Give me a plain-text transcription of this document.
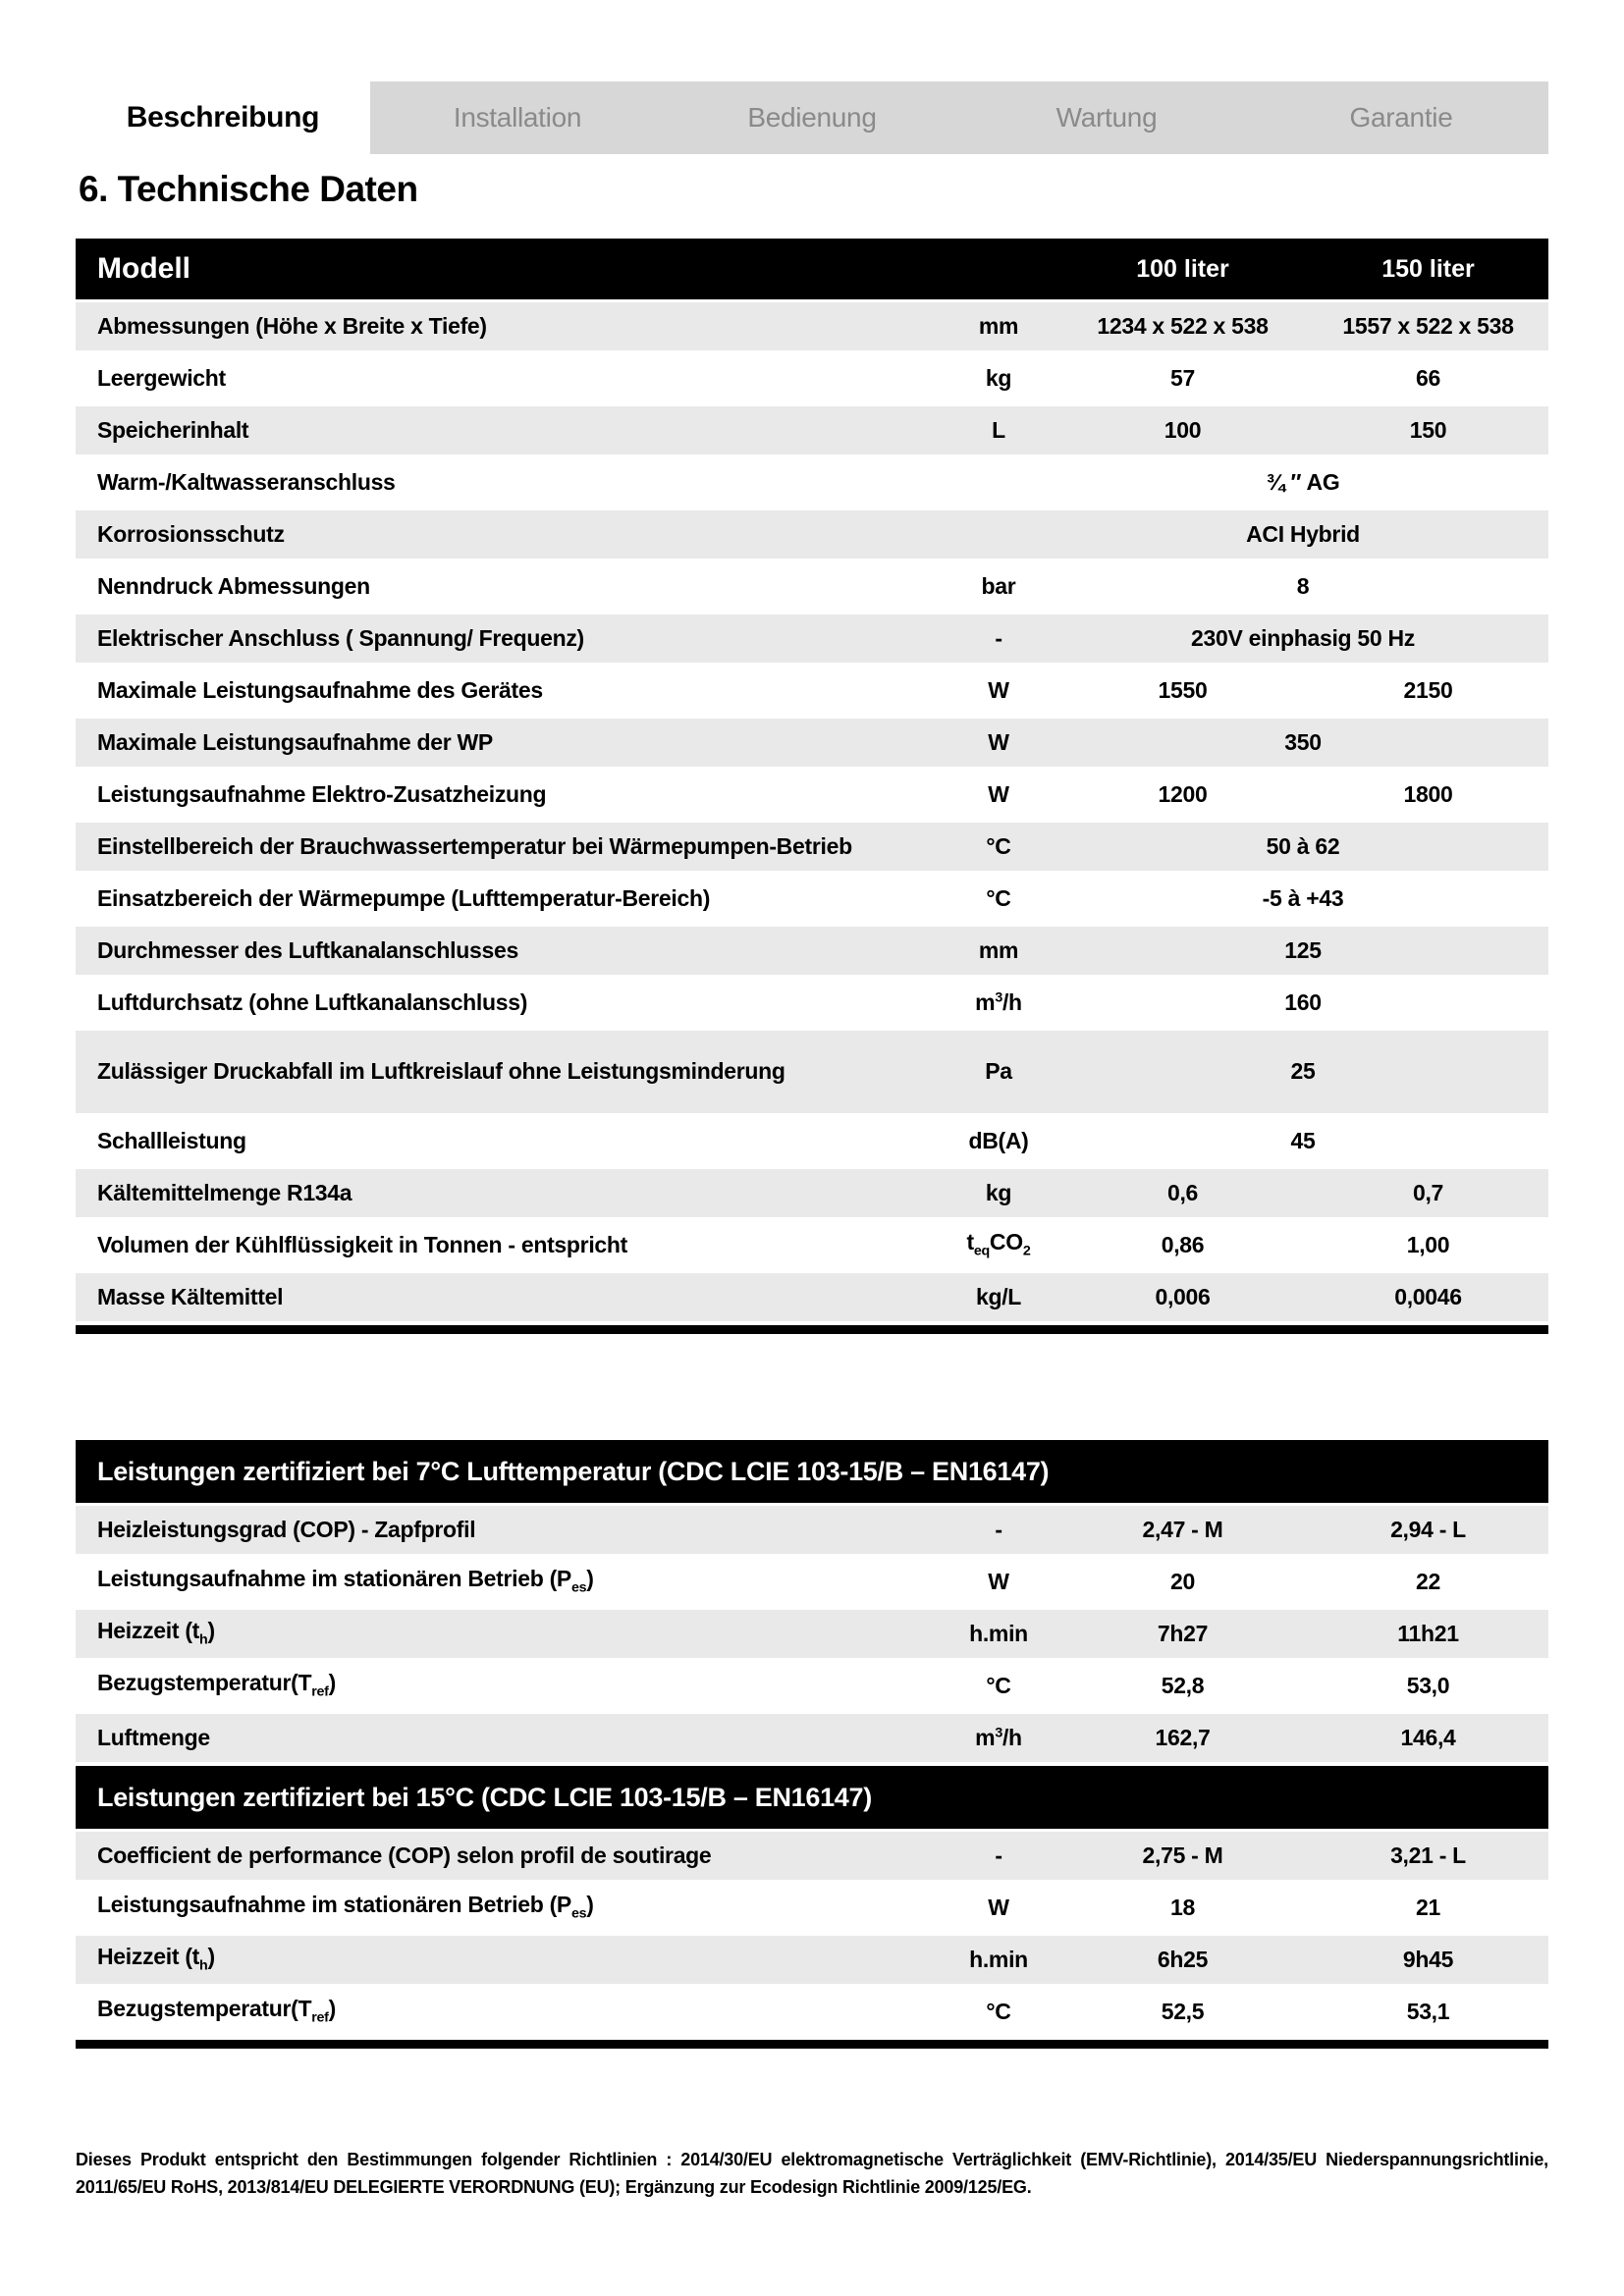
Beschreibung	Installation	Bedienung	Wartung	Garantie
6. Technische Daten
Modell	100 liter	150 liter
Abmessungen (Höhe x Breite x Tiefe)	mm	1234 x 522 x 538	1557 x 522 x 538
Leergewicht	kg	57	66
Speicherinhalt	L	100	150
Warm-/Kaltwasseranschluss	¾ ″ AG
Korrosionsschutz	ACI Hybrid
Nenndruck Abmessungen	bar	8
Elektrischer Anschluss ( Spannung/ Frequenz)	-	230V einphasig 50 Hz
Maximale Leistungsaufnahme des Gerätes	W	1550	2150
Maximale Leistungsaufnahme der WP	W	350
Leistungsaufnahme Elektro-Zusatzheizung	W	1200	1800
Einstellbereich der Brauchwassertemperatur bei Wärmepumpen-Betrieb	°C	50 à 62
Einsatzbereich der Wärmepumpe (Lufttemperatur-Bereich)	°C	-5 à +43
Durchmesser des Luftkanalanschlusses	mm	125
Luftdurchsatz (ohne Luftkanalanschluss)	$m^3/h$	160
Zulässiger Druckabfall im Luftkreislauf ohne Leistungsminderung	Pa	25
Schallleistung	dB(A)	45
Kältemittelmenge R134a	kg	0,6	0,7
Volumen der Kühlflüssigkeit in Tonnen - entspricht	$t_{eq}CO_2$	0,86	1,00
Masse Kältemittel	kg/L	0,006	0,0046
Leistungen zertifiziert bei 7°C Lufttemperatur (CDC LCIE 103-15/B – EN16147)
Heizleistungsgrad (COP) - Zapfprofil	-	2,47 - M	2,94 - L
Leistungsaufnahme im stationären Betrieb $(P_{es})$	W	20	22
Heizzeit $(t_h)$	h.min	7h27	11h21
$Bezugstemperatur(T_{ref})$	°C	52,8	53,0
Luftmenge	$m^3/h$	162,7	146,4
Leistungen zertifiziert bei 15°C (CDC LCIE 103-15/B – EN16147)
Coefficient de performance (COP) selon profil de soutirage	-	2,75 - M	3,21 - L
Leistungsaufnahme im stationären Betrieb $(P_{es})$	W	18	21
Heizzeit $(t_h)$	h.min	6h25	9h45
$Bezugstemperatur(T_{ref})$	°C	52,5	53,1

Dieses Produkt entspricht den Bestimmungen folgender Richtlinien : 2014/30/EU elektromagnetische Verträglichkeit (EMV-Richtlinie), 2014/35/EU Niederspannungsrichtlinie, 2011/65/EU RoHS, 2013/814/EU DELEGIERTE VERORDNUNG (EU); Ergänzung zur Ecodesign Richtlinie 2009/125/EG.
